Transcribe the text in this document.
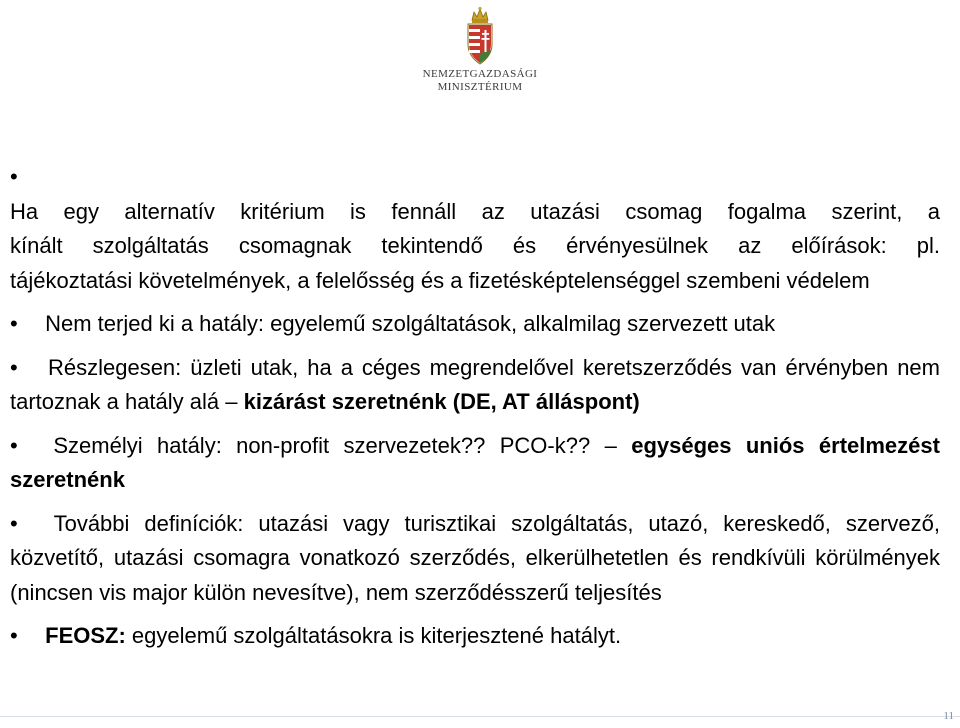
NEMZETGAZDASÁGI
MINISZTÉRIUM
• Ha egy alternatív kritérium is fennáll az utazási csomag fogalma szerint, a
kínált szolgáltatás csomagnak tekintendő és érvényesülnek az előírások: pl.
tájékoztatási követelmények, a felelősség és a fizetésképtelenséggel szembeni védelem
• Nem terjed ki a hatály: egyelemű szolgáltatások, alkalmilag szervezett utak
• Részlegesen: üzleti utak, ha a céges megrendelővel keretszerződés van érvényben nem tartoznak a hatály alá – kizárást szeretnénk (DE, AT álláspont)
• Személyi hatály: non-profit szervezetek?? PCO-k?? – egységes uniós értelmezést szeretnénk
• További definíciók: utazási vagy turisztikai szolgáltatás, utazó, kereskedő, szervező, közvetítő, utazási csomagra vonatkozó szerződés, elkerülhetetlen és rendkívüli körülmények (nincsen vis major külön nevesítve), nem szerződésszerű teljesítés
• FEOSZ: egyelemű szolgáltatásokra is kiterjesztené hatályt.
11
